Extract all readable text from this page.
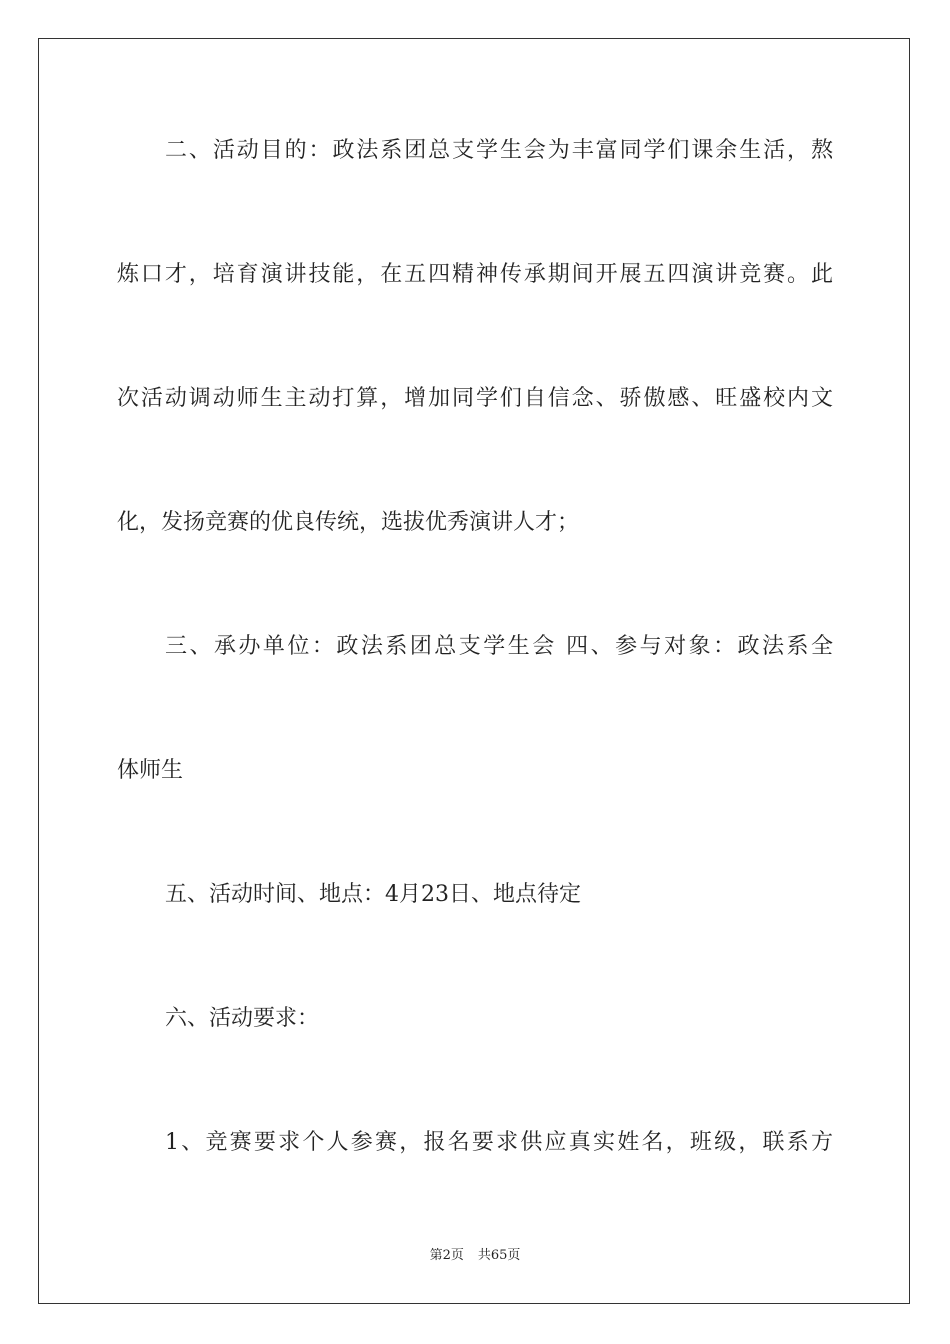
二、活动目的：政法系团总支学生会为丰富同学们课余生活，熬
炼口才，培育演讲技能，在五四精神传承期间开展五四演讲竞赛。此
次活动调动师生主动打算，增加同学们自信念、骄傲感、旺盛校内文
化，发扬竞赛的优良传统，选拔优秀演讲人才；
三、承办单位：政法系团总支学生会 四、参与对象：政法系全
体师生
五、活动时间、地点：4月23日、地点待定
六、活动要求：
1、竞赛要求个人参赛，报名要求供应真实姓名，班级，联系方
第2页 共65页
